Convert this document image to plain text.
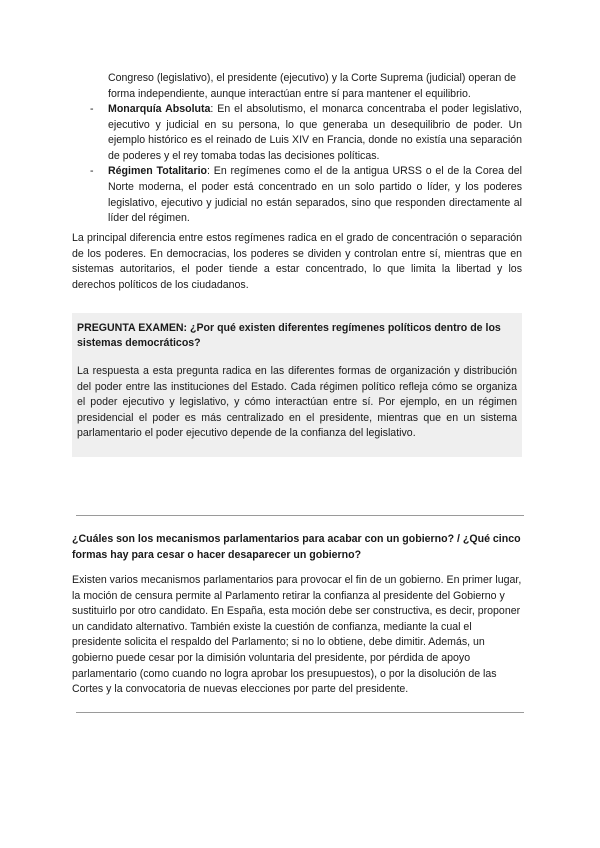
Congreso (legislativo), el presidente (ejecutivo) y la Corte Suprema (judicial) operan de forma independiente, aunque interactúan entre sí para mantener el equilibrio.
- Monarquía Absoluta: En el absolutismo, el monarca concentraba el poder legislativo, ejecutivo y judicial en su persona, lo que generaba un desequilibrio de poder. Un ejemplo histórico es el reinado de Luis XIV en Francia, donde no existía una separación de poderes y el rey tomaba todas las decisiones políticas.
- Régimen Totalitario: En regímenes como el de la antigua URSS o el de la Corea del Norte moderna, el poder está concentrado en un solo partido o líder, y los poderes legislativo, ejecutivo y judicial no están separados, sino que responden directamente al líder del régimen.
La principal diferencia entre estos regímenes radica en el grado de concentración o separación de los poderes. En democracias, los poderes se dividen y controlan entre sí, mientras que en sistemas autoritarios, el poder tiende a estar concentrado, lo que limita la libertad y los derechos políticos de los ciudadanos.
PREGUNTA EXAMEN: ¿Por qué existen diferentes regímenes políticos dentro de los sistemas democráticos?
La respuesta a esta pregunta radica en las diferentes formas de organización y distribución del poder entre las instituciones del Estado. Cada régimen político refleja cómo se organiza el poder ejecutivo y legislativo, y cómo interactúan entre sí. Por ejemplo, en un régimen presidencial el poder es más centralizado en el presidente, mientras que en un sistema parlamentario el poder ejecutivo depende de la confianza del legislativo.
¿Cuáles son los mecanismos parlamentarios para acabar con un gobierno? / ¿Qué cinco formas hay para cesar o hacer desaparecer un gobierno?
Existen varios mecanismos parlamentarios para provocar el fin de un gobierno. En primer lugar, la moción de censura permite al Parlamento retirar la confianza al presidente del Gobierno y sustituirlo por otro candidato. En España, esta moción debe ser constructiva, es decir, proponer un candidato alternativo. También existe la cuestión de confianza, mediante la cual el presidente solicita el respaldo del Parlamento; si no lo obtiene, debe dimitir. Además, un gobierno puede cesar por la dimisión voluntaria del presidente, por pérdida de apoyo parlamentario (como cuando no logra aprobar los presupuestos), o por la disolución de las Cortes y la convocatoria de nuevas elecciones por parte del presidente.
